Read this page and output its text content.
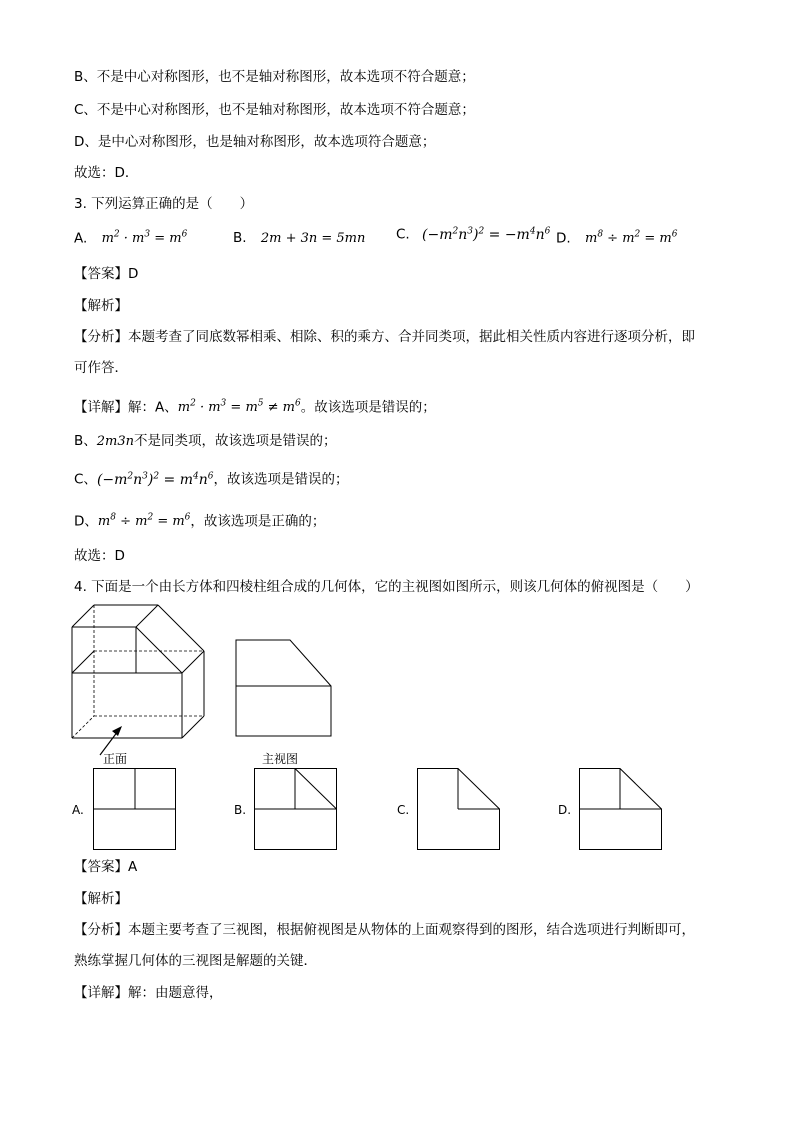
B、不是中心对称图形，也不是轴对称图形，故本选项不符合题意；
C、不是中心对称图形，也不是轴对称图形，故本选项不符合题意；
D、是中心对称图形，也是轴对称图形，故本选项符合题意；
故选：D．
3. 下列运算正确的是（　　）
A. $m^2 \cdot m^3 = m^6$	B. 2m + 3n = 5mn C. $(-m^2n^3)^2 = -m^4n^6$ D. $m^8 \div m^2 = m^6$
【答案】D
【解析】
【分析】本题考查了同底数幂相乘、相除、积的乘方、合并同类项，据此相关性质内容进行逐项分析，即
可作答．
【详解】解：A、$m^2 \cdot m^3 = m^5 \ne m^6$。故该选项是错误的；
B、2m3n不是同类项，故该选项是错误的；
C、$(-m^2n^3)^2 = m^4n^6$，故该选项是错误的；
D、$m^8 \div m^2 = m^6$，故该选项是正确的；
故选：D
4. 下面是一个由长方体和四棱柱组合成的几何体，它的主视图如图所示，则该几何体的俯视图是（　　）
正面	主视图
A.	B.	C.	D.
【答案】A
【解析】
【分析】本题主要考查了三视图，根据俯视图是从物体的上面观察得到的图形，结合选项进行判断即可，
熟练掌握几何体的三视图是解题的关键．
【详解】解：由题意得，
